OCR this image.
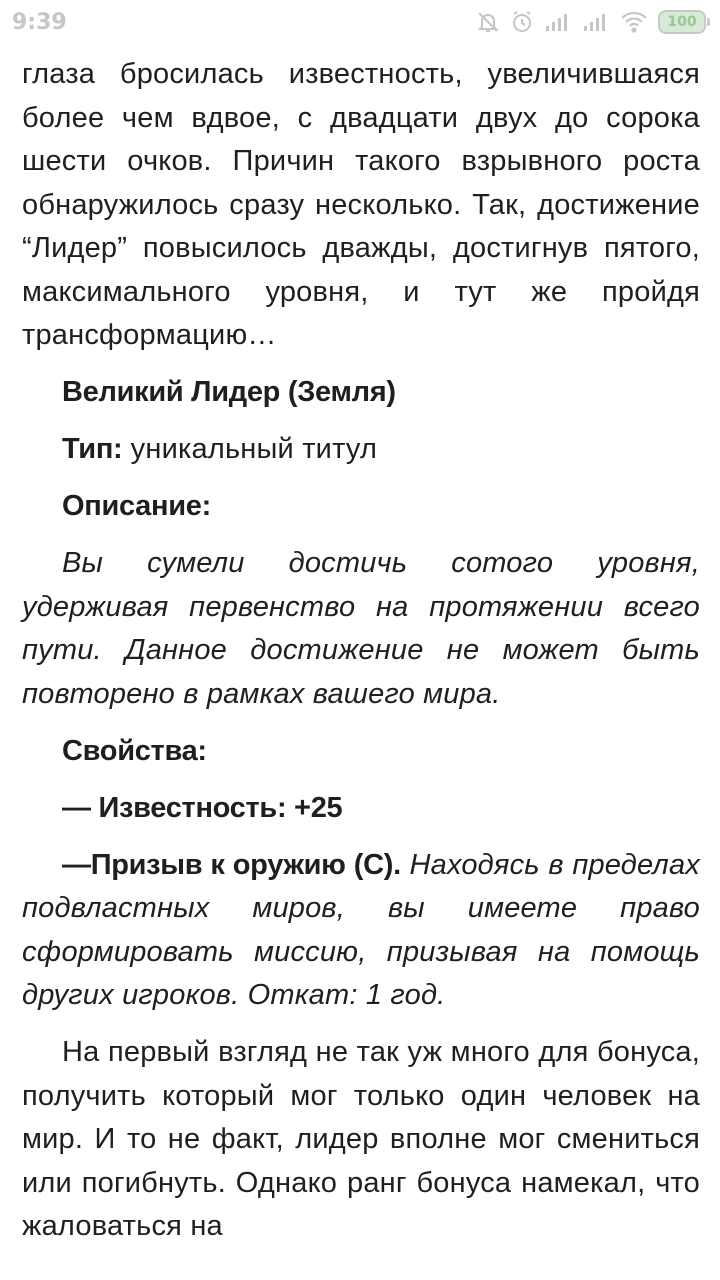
9:39	100

глаза бросилась известность, увеличившаяся более чем вдвое, с двадцати двух до сорока шести очков. Причин такого взрывного роста обнаружилось сразу несколько. Так, достижение “Лидер” повысилось дважды, достигнув пятого, максимального уровня, и тут же пройдя трансформацию…

Великий Лидер (Земля)

Тип: уникальный титул

Описание:

Вы сумели достичь сотого уровня, удерживая первенство на протяжении всего пути. Данное достижение не может быть повторено в рамках вашего мира.

Свойства:

— Известность: +25

—Призыв к оружию (С). Находясь в пределах подвластных миров, вы имеете право сформировать миссию, призывая на помощь других игроков. Откат: 1 год.

На первый взгляд не так уж много для бонуса, получить который мог только один человек на мир. И то не факт, лидер вполне мог смениться или погибнуть. Однако ранг бонуса намекал, что жаловаться на
